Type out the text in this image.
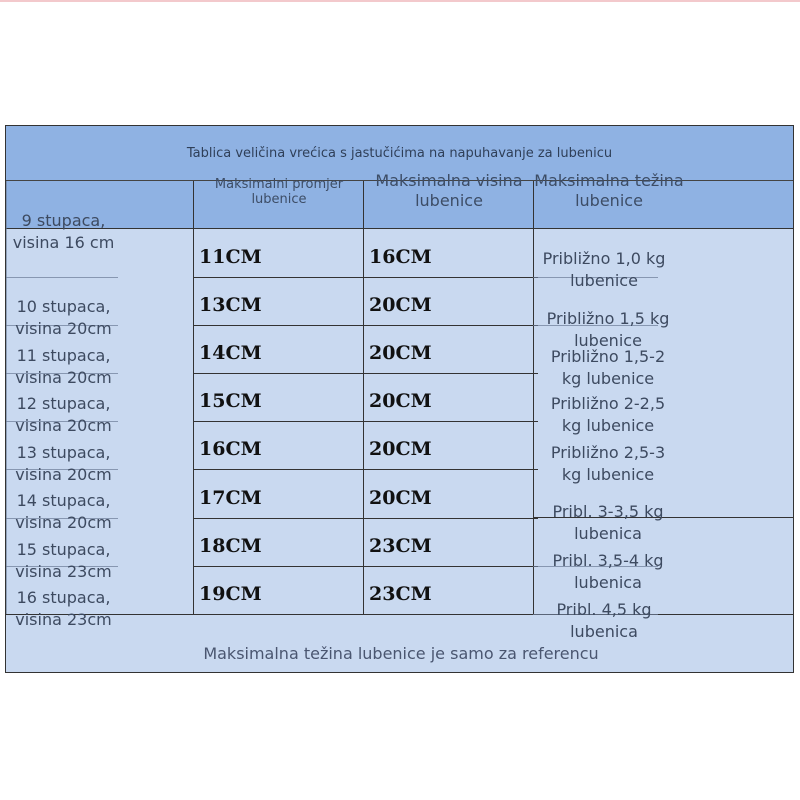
Tablica veličina vrećica s jastučićima na napuhavanje za lubenicu
Maksimalni promjer lubenice
Maksimalna visina lubenice
Maksimalna težina lubenice
11CM
13CM
14CM
15CM
16CM
17CM
18CM
19CM
16CM
20CM
20CM
20CM
20CM
20CM
23CM
23CM
9 stupaca, visina 16 cm
10 stupaca, visina 20cm
11 stupaca, visina 20cm
12 stupaca, visina 20cm
13 stupaca, visina 20cm
14 stupaca, visina 20cm
15 stupaca, visina 23cm
16 stupaca, visina 23cm
Približno 1,0 kg lubenice
Približno 1,5 kg lubenice
Približno 1,5-2 kg lubenice
Približno 2-2,5 kg lubenice
Približno 2,5-3 kg lubenice
Pribl. 3-3,5 kg lubenica
Pribl. 3,5-4 kg lubenica
Pribl. 4,5 kg lubenica
Maksimalna težina lubenice je samo za referencu
